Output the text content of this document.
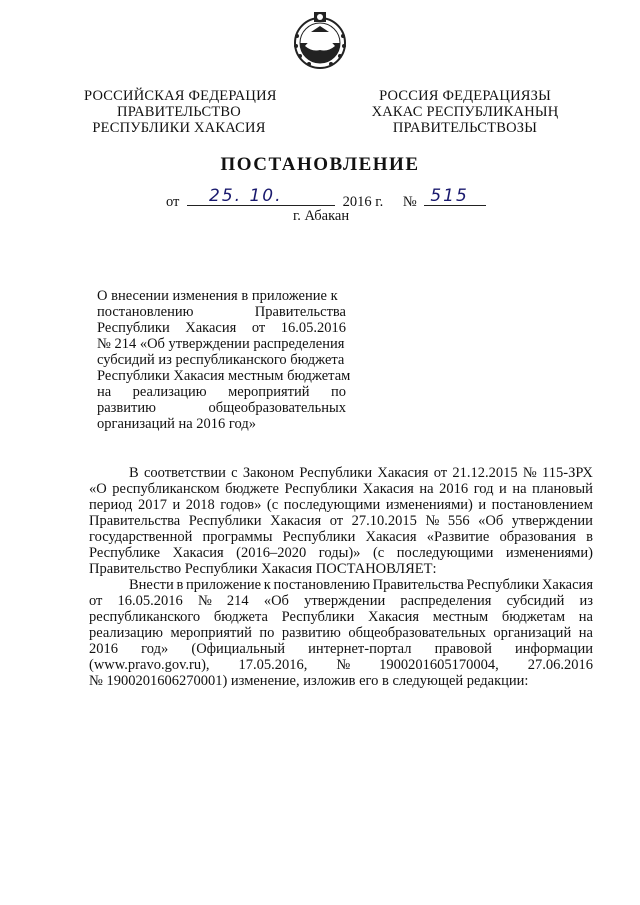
РОССИЙСКАЯ ФЕДЕРАЦИЯ
ПРАВИТЕЛЬСТВО
РЕСПУБЛИКИ ХАКАСИЯ
РОССИЯ ФЕДЕРАЦИЯЗЫ
ХАКАС РЕСПУБЛИКАНЫҢ
ПРАВИТЕЛЬСТВОЗЫ
ПОСТАНОВЛЕНИЕ
от 25. 10.	2016 г. № 515
г. Абакан
О внесении изменения в приложение к
постановлению	Правительства
Республики Хакасия от 16.05.2016
№ 214 «Об утверждении распределения
субсидий из республиканского бюджета
Республики Хакасия местным бюджетам
на реализацию мероприятий по
развитию	общеобразовательных
организаций на 2016 год»
В соответствии с Законом Республики Хакасия от 21.12.2015 № 115-ЗРХ
«О республиканском бюджете Республики Хакасия на 2016 год и на плановый
период 2017 и 2018 годов» (с последующими изменениями) и постановлением
Правительства Республики Хакасия от 27.10.2015 № 556 «Об утверждении
государственной программы Республики Хакасия «Развитие образования в
Республике Хакасия (2016–2020 годы)» (с последующими изменениями)
Правительство Республики Хакасия ПОСТАНОВЛЯЕТ:
Внести в приложение к постановлению Правительства Республики Хакасия
от 16.05.2016 № 214 «Об утверждении распределения субсидий из
республиканского бюджета Республики Хакасия местным бюджетам на
реализацию мероприятий по развитию общеобразовательных организаций на
2016 год» (Официальный интернет-портал правовой информации
(www.pravo.gov.ru), 17.05.2016, № 1900201605170004, 27.06.2016
№ 1900201606270001) изменение, изложив его в следующей редакции:
